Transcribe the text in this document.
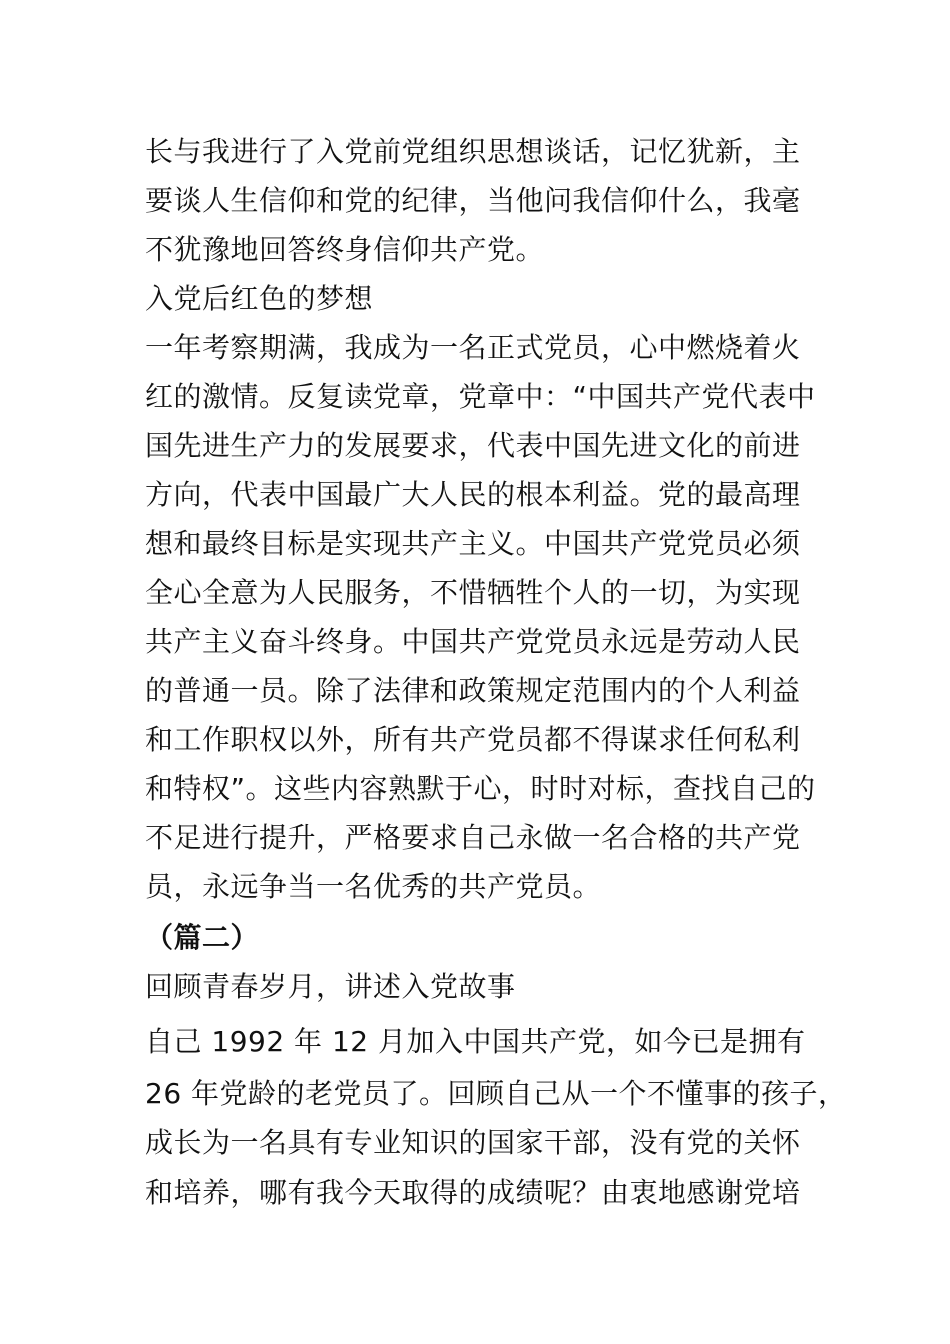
长与我进行了入党前党组织思想谈话，记忆犹新，主
要谈人生信仰和党的纪律，当他问我信仰什么，我毫
不犹豫地回答终身信仰共产党。
入党后红色的梦想
一年考察期满，我成为一名正式党员，心中燃烧着火
红的激情。反复读党章，党章中：“中国共产党代表中
国先进生产力的发展要求，代表中国先进文化的前进
方向，代表中国最广大人民的根本利益。党的最高理
想和最终目标是实现共产主义。中国共产党党员必须
全心全意为人民服务，不惜牺牲个人的一切，为实现
共产主义奋斗终身。中国共产党党员永远是劳动人民
的普通一员。除了法律和政策规定范围内的个人利益
和工作职权以外，所有共产党员都不得谋求任何私利
和特权”。这些内容熟默于心，时时对标，查找自己的
不足进行提升，严格要求自己永做一名合格的共产党
员，永远争当一名优秀的共产党员。
（篇二）
回顾青春岁月，讲述入党故事
自己 1992 年 12 月加入中国共产党，如今已是拥有
26 年党龄的老党员了。回顾自己从一个不懂事的孩子，
成长为一名具有专业知识的国家干部，没有党的关怀
和培养，哪有我今天取得的成绩呢？由衷地感谢党培
